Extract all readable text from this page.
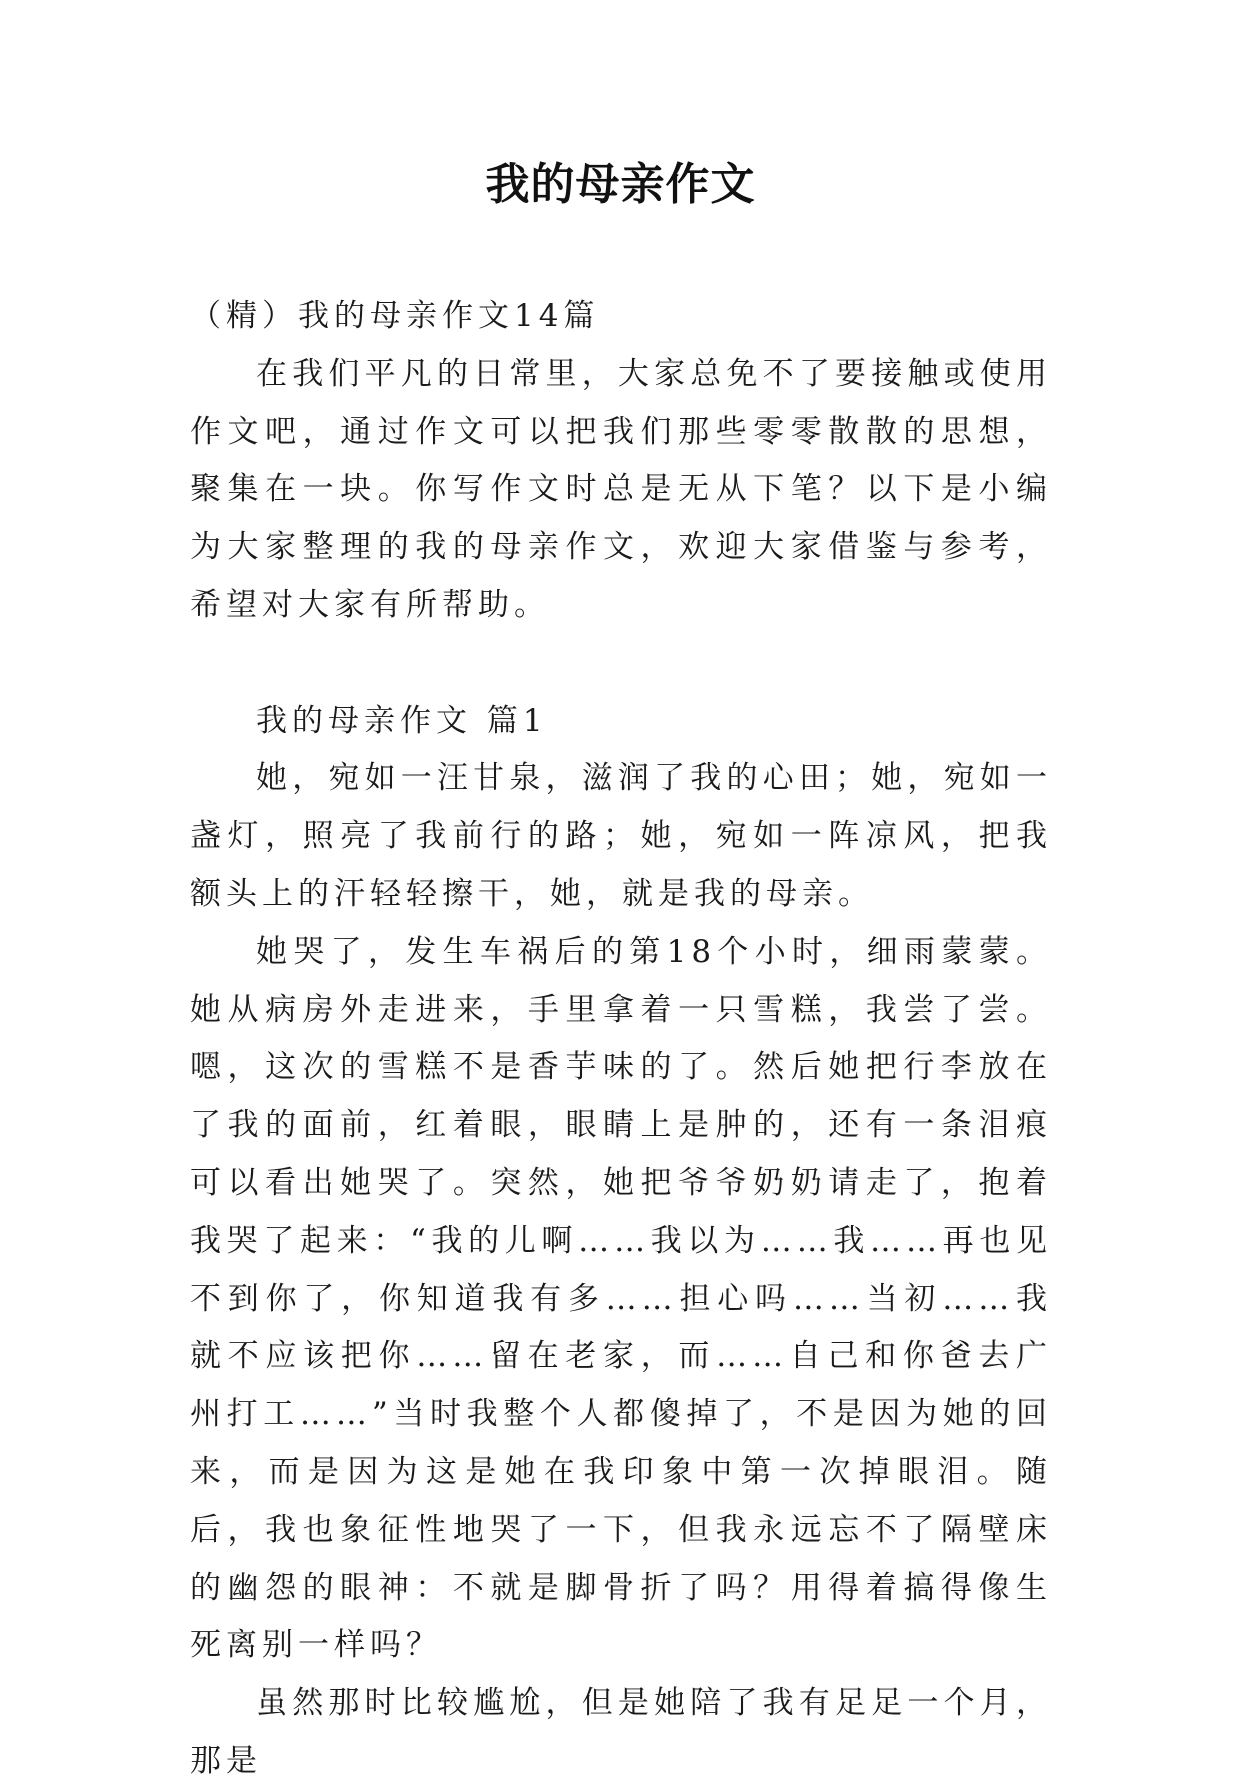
我的母亲作文

（精）我的母亲作文14篇

在我们平凡的日常里，大家总免不了要接触或使用作文吧，通过作文可以把我们那些零零散散的思想，聚集在一块。你写作文时总是无从下笔？以下是小编为大家整理的我的母亲作文，欢迎大家借鉴与参考，希望对大家有所帮助。

我的母亲作文 篇1

她，宛如一汪甘泉，滋润了我的心田；她，宛如一盏灯，照亮了我前行的路；她，宛如一阵凉风，把我额头上的汗轻轻擦干，她，就是我的母亲。

她哭了，发生车祸后的第18个小时，细雨蒙蒙。她从病房外走进来，手里拿着一只雪糕，我尝了尝。嗯，这次的雪糕不是香芋味的了。然后她把行李放在了我的面前，红着眼，眼睛上是肿的，还有一条泪痕可以看出她哭了。突然，她把爷爷奶奶请走了，抱着我哭了起来：“我的儿啊……我以为……我……再也见不到你了，你知道我有多……担心吗……当初……我就不应该把你……留在老家，而……自己和你爸去广州打工……”当时我整个人都傻掉了，不是因为她的回来，而是因为这是她在我印象中第一次掉眼泪。随后，我也象征性地哭了一下，但我永远忘不了隔壁床的幽怨的眼神：不就是脚骨折了吗？用得着搞得像生死离别一样吗？

虽然那时比较尴尬，但是她陪了我有足足一个月，那是
